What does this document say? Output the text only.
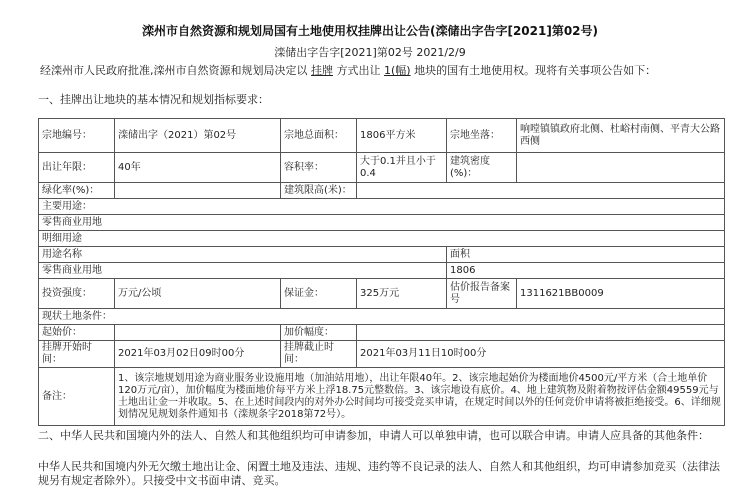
滦州市自然资源和规划局国有土地使用权挂牌出让公告(滦储出字告字[2021]第02号)
滦储出字告字[2021]第02号 2021/2/9
经滦州市人民政府批准,滦州市自然资源和规划局决定以 挂牌 方式出让 1(幅) 地块的国有土地使用权。现将有关事项公告如下：
一、挂牌出让地块的基本情况和规划指标要求：
宗地编号：	滦储出字（2021）第02号	宗地总面积：	1806平方米	宗地坐落：	响嘡镇镇政府北侧、杜峪村南侧、平青大公路西侧
出让年限：	40年	容积率：	大于0.1并且小于0.4	建筑密度(%)：	
绿化率(%)：		建筑限高(米)：			
主要用途：					
零售商业用地					
明细用途					
用途名称				面积	
零售商业用地				1806	
投资强度：	万元/公顷	保证金：	325万元	估价报告备案号	1311621BB0009
现状土地条件：					
起始价：		加价幅度：			
挂牌开始时间：	2021年03月02日09时00分	挂牌截止时间：	2021年03月11日10时00分		
备注：	1、该宗地规划用途为商业服务业设施用地（加油站用地），出让年限40年。2、该宗地起始价为楼面地价4500元/平方米（合土地单价120万元/亩），加价幅度为楼面地价每平方米上浮18.75元整数倍。3、该宗地设有底价。4、地上建筑物及附着物按评估金额49559元与土地出让金一并收取。5、在上述时间段内的对外办公时间均可接受竞买申请，在规定时间以外的任何竞价申请将被拒绝接受。6、详细规划情况见规划条件通知书（滦规条字2018第72号）。				
二、中华人民共和国境内外的法人、自然人和其他组织均可申请参加，申请人可以单独申请，也可以联合申请。申请人应具备的其他条件：
中华人民共和国境内外无欠缴土地出让金、闲置土地及违法、违规、违约等不良记录的法人、自然人和其他组织，均可申请参加竞买（法律法规另有规定者除外）。只接受中文书面申请、竞买。
